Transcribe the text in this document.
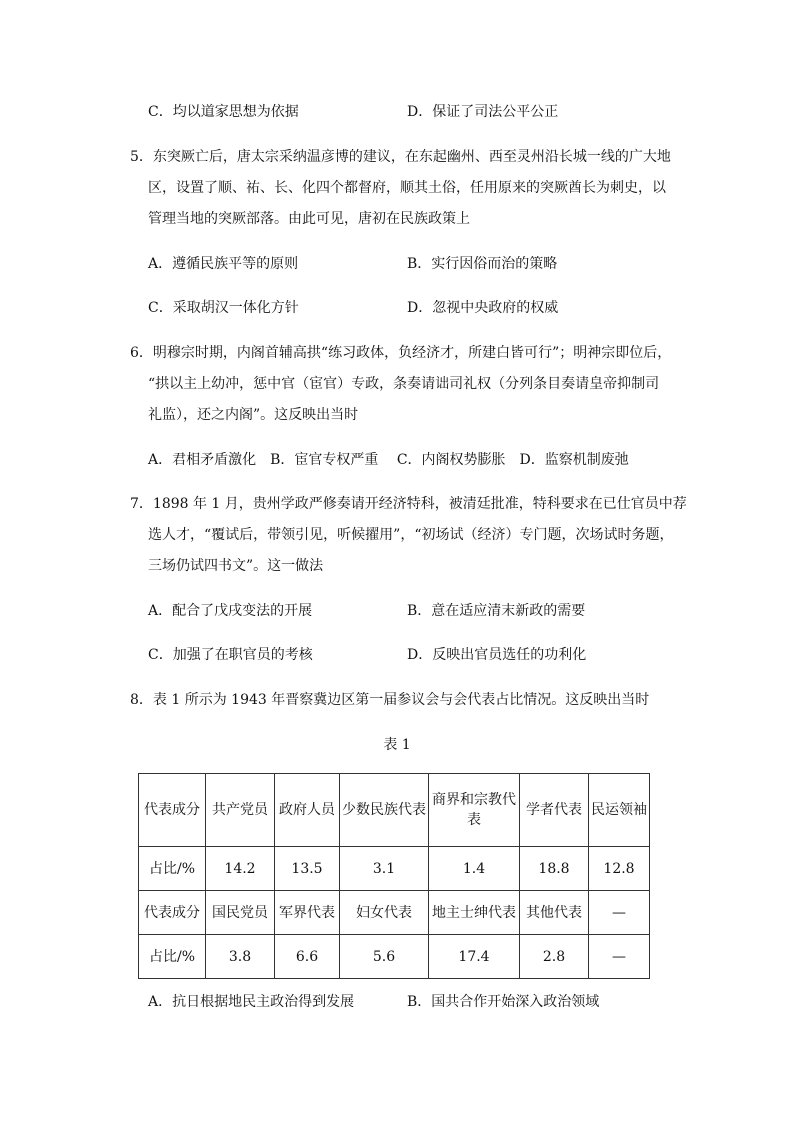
C．均以道家思想为依据	D．保证了司法公平公正
5．东突厥亡后，唐太宗采纳温彦博的建议，在东起幽州、西至灵州沿长城一线的广大地
区，设置了顺、祐、长、化四个都督府，顺其土俗，任用原来的突厥酋长为刺史，以
管理当地的突厥部落。由此可见，唐初在民族政策上
A．遵循民族平等的原则	B．实行因俗而治的策略
C．采取胡汉一体化方针	D．忽视中央政府的权威
6．明穆宗时期，内阁首辅高拱“练习政体，负经济才，所建白皆可行”；明神宗即位后，
“拱以主上幼冲，惩中官（宦官）专政，条奏请诎司礼权（分列条目奏请皇帝抑制司
礼监），还之内阁”。这反映出当时
A．君相矛盾激化　B．宦官专权严重　 C．内阁权势膨胀　D．监察机制废弛
7．1898 年 1 月，贵州学政严修奏请开经济特科，被清廷批准，特科要求在已仕官员中荐
选人才，“覆试后，带领引见，听候擢用”，“初场试（经济）专门题，次场试时务题，
三场仍试四书文”。这一做法
A．配合了戊戌变法的开展	B．意在适应清末新政的需要
C．加强了在职官员的考核	D．反映出官员选任的功利化
8．表 1 所示为 1943 年晋察冀边区第一届参议会与会代表占比情况。这反映出当时
表 1
代表成分	共产党员	政府人员	少数民族代表	商界和宗教代表	学者代表	民运领袖
占比/%	14.2	13.5	3.1	1.4	18.8	12.8
代表成分	国民党员	军界代表	妇女代表	地主士绅代表	其他代表	—
占比/%	3.8	6.6	5.6	17.4	2.8	—
A．抗日根据地民主政治得到发展	B．国共合作开始深入政治领域
